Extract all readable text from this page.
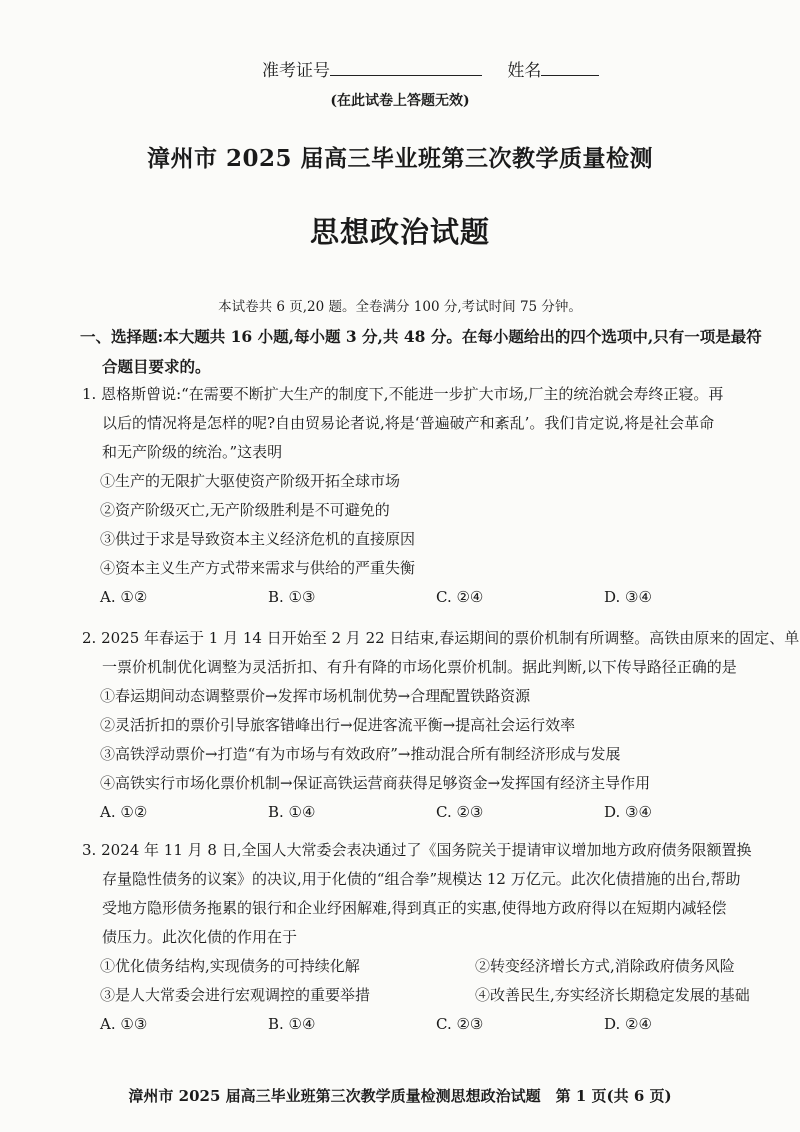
准考证号	姓名
(在此试卷上答题无效)
漳州市 2025 届高三毕业班第三次教学质量检测
思想政治试题
本试卷共 6 页,20 题。全卷满分 100 分,考试时间 75 分钟。
一、选择题:本大题共 16 小题,每小题 3 分,共 48 分。在每小题给出的四个选项中,只有一项是最符
合题目要求的。
1. 恩格斯曾说:“在需要不断扩大生产的制度下,不能进一步扩大市场,厂主的统治就会寿终正寝。再
以后的情况将是怎样的呢?自由贸易论者说,将是‘普遍破产和紊乱’。我们肯定说,将是社会革命
和无产阶级的统治。”这表明
①生产的无限扩大驱使资产阶级开拓全球市场
②资产阶级灭亡,无产阶级胜利是不可避免的
③供过于求是导致资本主义经济危机的直接原因
④资本主义生产方式带来需求与供给的严重失衡
A. ①②	B. ①③	C. ②④	D. ③④
2. 2025 年春运于 1 月 14 日开始至 2 月 22 日结束,春运期间的票价机制有所调整。高铁由原来的固定、单
一票价机制优化调整为灵活折扣、有升有降的市场化票价机制。据此判断,以下传导路径正确的是
①春运期间动态调整票价→发挥市场机制优势→合理配置铁路资源
②灵活折扣的票价引导旅客错峰出行→促进客流平衡→提高社会运行效率
③高铁浮动票价→打造“有为市场与有效政府”→推动混合所有制经济形成与发展
④高铁实行市场化票价机制→保证高铁运营商获得足够资金→发挥国有经济主导作用
A. ①②	B. ①④	C. ②③	D. ③④
3. 2024 年 11 月 8 日,全国人大常委会表决通过了《国务院关于提请审议增加地方政府债务限额置换
存量隐性债务的议案》的决议,用于化债的“组合拳”规模达 12 万亿元。此次化债措施的出台,帮助
受地方隐形债务拖累的银行和企业纾困解难,得到真正的实惠,使得地方政府得以在短期内减轻偿
债压力。此次化债的作用在于
①优化债务结构,实现债务的可持续化解	②转变经济增长方式,消除政府债务风险
③是人大常委会进行宏观调控的重要举措	④改善民生,夯实经济长期稳定发展的基础
A. ①③	B. ①④	C. ②③	D. ②④
漳州市 2025 届高三毕业班第三次教学质量检测思想政治试题　第 1 页(共 6 页)
